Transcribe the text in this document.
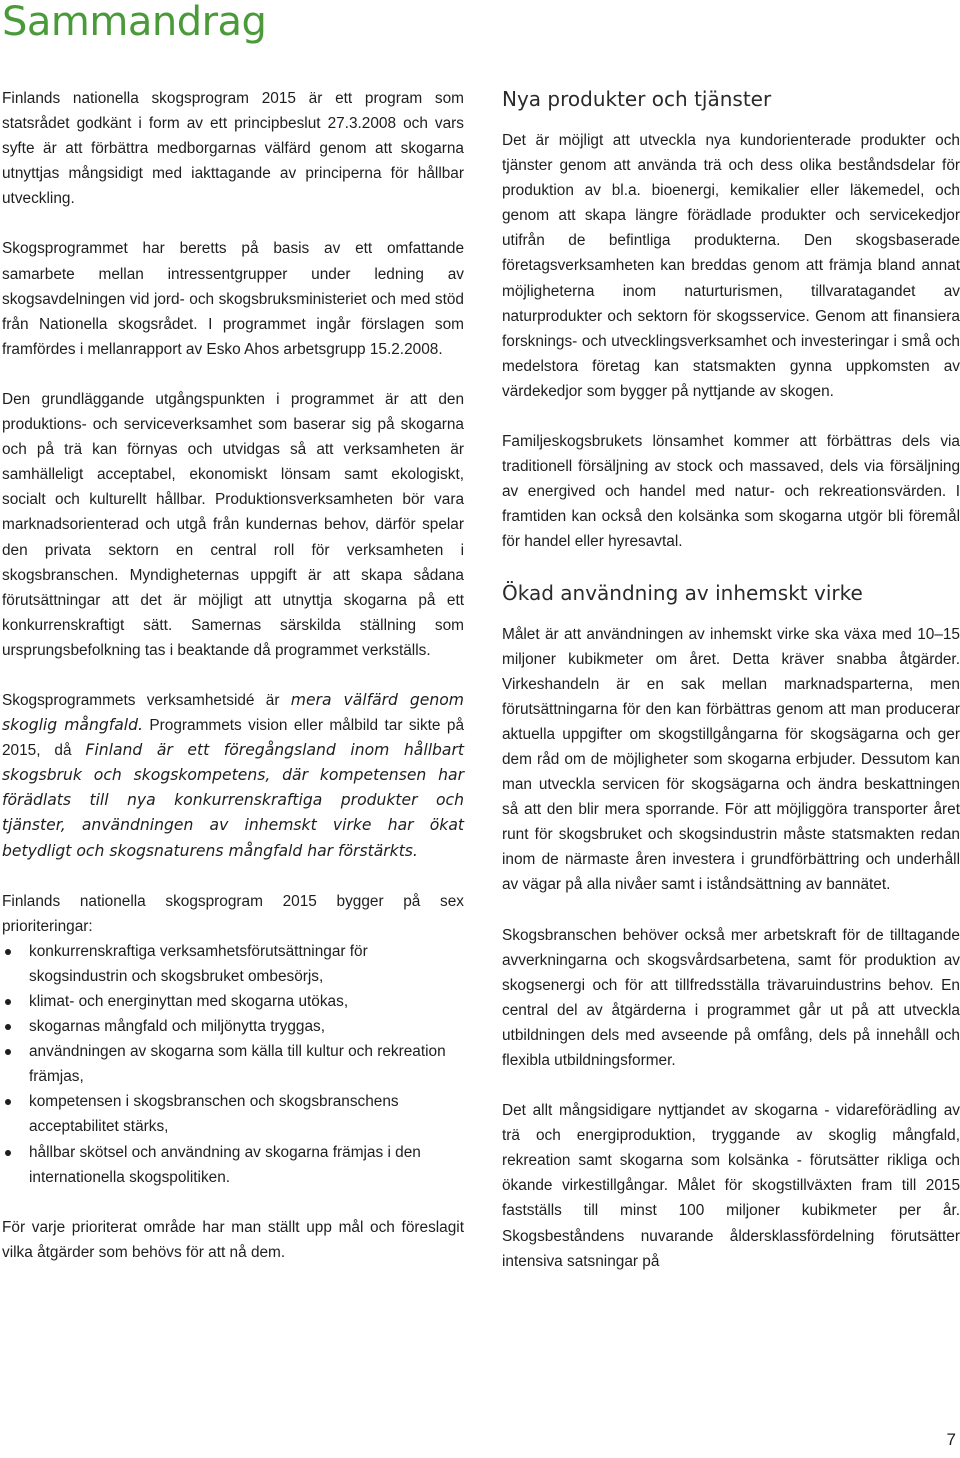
Sammandrag

Finlands nationella skogsprogram 2015 är ett program som statsrådet godkänt i form av ett principbeslut 27.3.2008 och vars syfte är att förbättra medborgarnas välfärd genom att skogarna utnyttjas mångsidigt med iakttagande av principerna för hållbar utveckling.

Skogsprogrammet har beretts på basis av ett omfattande samarbete mellan intressentgrupper under ledning av skogsavdelningen vid jord- och skogsbruksministeriet och med stöd från Nationella skogsrådet. I programmet ingår förslagen som framfördes i mellanrapport av Esko Ahos arbetsgrupp 15.2.2008.

Den grundläggande utgångspunkten i programmet är att den produktions- och serviceverksamhet som baserar sig på skogarna och på trä kan förnyas och utvidgas så att verksamheten är samhälleligt acceptabel, ekonomiskt lönsam samt ekologiskt, socialt och kulturellt hållbar. Produktionsverksamheten bör vara marknadsorienterad och utgå från kundernas behov, därför spelar den privata sektorn en central roll för verksamheten i skogsbranschen. Myndigheternas uppgift är att skapa sådana förutsättningar att det är möjligt att utnyttja skogarna på ett konkurrenskraftigt sätt. Samernas särskilda ställning som ursprungsbefolkning tas i beaktande då programmet verkställs.

Skogsprogrammets verksamhetsidé är mera välfärd genom skoglig mångfald. Programmets vision eller målbild tar sikte på 2015, då Finland är ett föregångsland inom hållbart skogsbruk och skogskompetens, där kompetensen har förädlats till nya konkurrenskraftiga produkter och tjänster, användningen av inhemskt virke har ökat betydligt och skogsnaturens mångfald har förstärkts.

Finlands nationella skogsprogram 2015 bygger på sex prioriteringar:

konkurrenskraftiga verksamhetsförutsättningar för skogsindustrin och skogsbruket ombesörjs,
klimat- och energinyttan med skogarna utökas,
skogarnas mångfald och miljönytta tryggas,
användningen av skogarna som källa till kultur och rekreation främjas,
kompetensen i skogsbranschen och skogsbranschens acceptabilitet stärks,
hållbar skötsel och användning av skogarna främjas i den internationella skogspolitiken.

För varje prioriterat område har man ställt upp mål och föreslagit vilka åtgärder som behövs för att nå dem.

Nya produkter och tjänster

Det är möjligt att utveckla nya kundorienterade produkter och tjänster genom att använda trä och dess olika beståndsdelar för produktion av bl.a. bioenergi, kemikalier eller läkemedel, och genom att skapa längre förädlade produkter och servicekedjor utifrån de befintliga produkterna. Den skogsbaserade företagsverksamheten kan breddas genom att främja bland annat möjligheterna inom naturturismen, tillvaratagandet av naturprodukter och sektorn för skogsservice. Genom att finansiera forsknings- och utvecklingsverksamhet och investeringar i små och medelstora företag kan statsmakten gynna uppkomsten av värdekedjor som bygger på nyttjande av skogen.

Familjeskogsbrukets lönsamhet kommer att förbättras dels via traditionell försäljning av stock och massaved, dels via försäljning av energived och handel med natur- och rekreationsvärden. I framtiden kan också den kolsänka som skogarna utgör bli föremål för handel eller hyresavtal.

Ökad användning av inhemskt virke

Målet är att användningen av inhemskt virke ska växa med 10–15 miljoner kubikmeter om året. Detta kräver snabba åtgärder. Virkeshandeln är en sak mellan marknadsparterna, men förutsättningarna för den kan förbättras genom att man producerar aktuella uppgifter om skogstillgångarna för skogsägarna och ger dem råd om de möjligheter som skogarna erbjuder. Dessutom kan man utveckla servicen för skogsägarna och ändra beskattningen så att den blir mera sporrande. För att möjliggöra transporter året runt för skogsbruket och skogsindustrin måste statsmakten redan inom de närmaste åren investera i grundförbättring och underhåll av vägar på alla nivåer samt i iståndsättning av bannätet.

Skogsbranschen behöver också mer arbetskraft för de tilltagande avverkningarna och skogsvårdsarbetena, samt för produktion av skogsenergi och för att tillfredsställa trävaruindustrins behov. En central del av åtgärderna i programmet går ut på att utveckla utbildningen dels med avseende på omfång, dels på innehåll och flexibla utbildningsformer.

Det allt mångsidigare nyttjandet av skogarna - vidareförädling av trä och energiproduktion, tryggande av skoglig mångfald, rekreation samt skogarna som kolsänka - förutsätter rikliga och ökande virkestillgångar. Målet för skogstillväxten fram till 2015 fastställs till minst 100 miljoner kubikmeter per år. Skogsbeståndens nuvarande åldersklassfördelning förutsätter intensiva satsningar på

7
